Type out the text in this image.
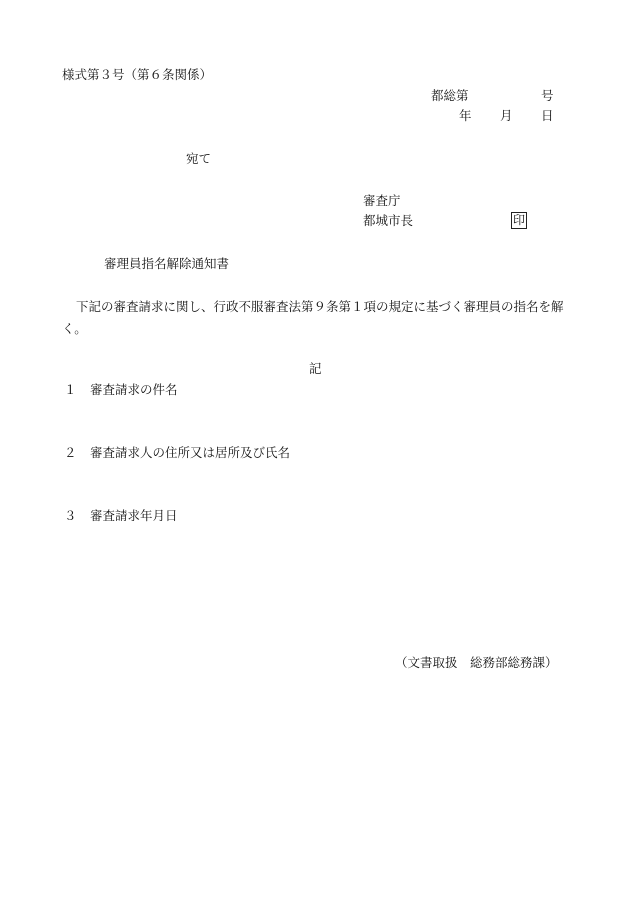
様式第３号（第６条関係）
都総第	号
年 月 日
宛て
審査庁
都城市長	印
審理員指名解除通知書
下記の審査請求に関し、行政不服審査法第９条第１項の規定に基づく審理員の指名を解く。
記
１ 審査請求の件名
２ 審査請求人の住所又は居所及び氏名
３ 審査請求年月日
（文書取扱　総務部総務課）
